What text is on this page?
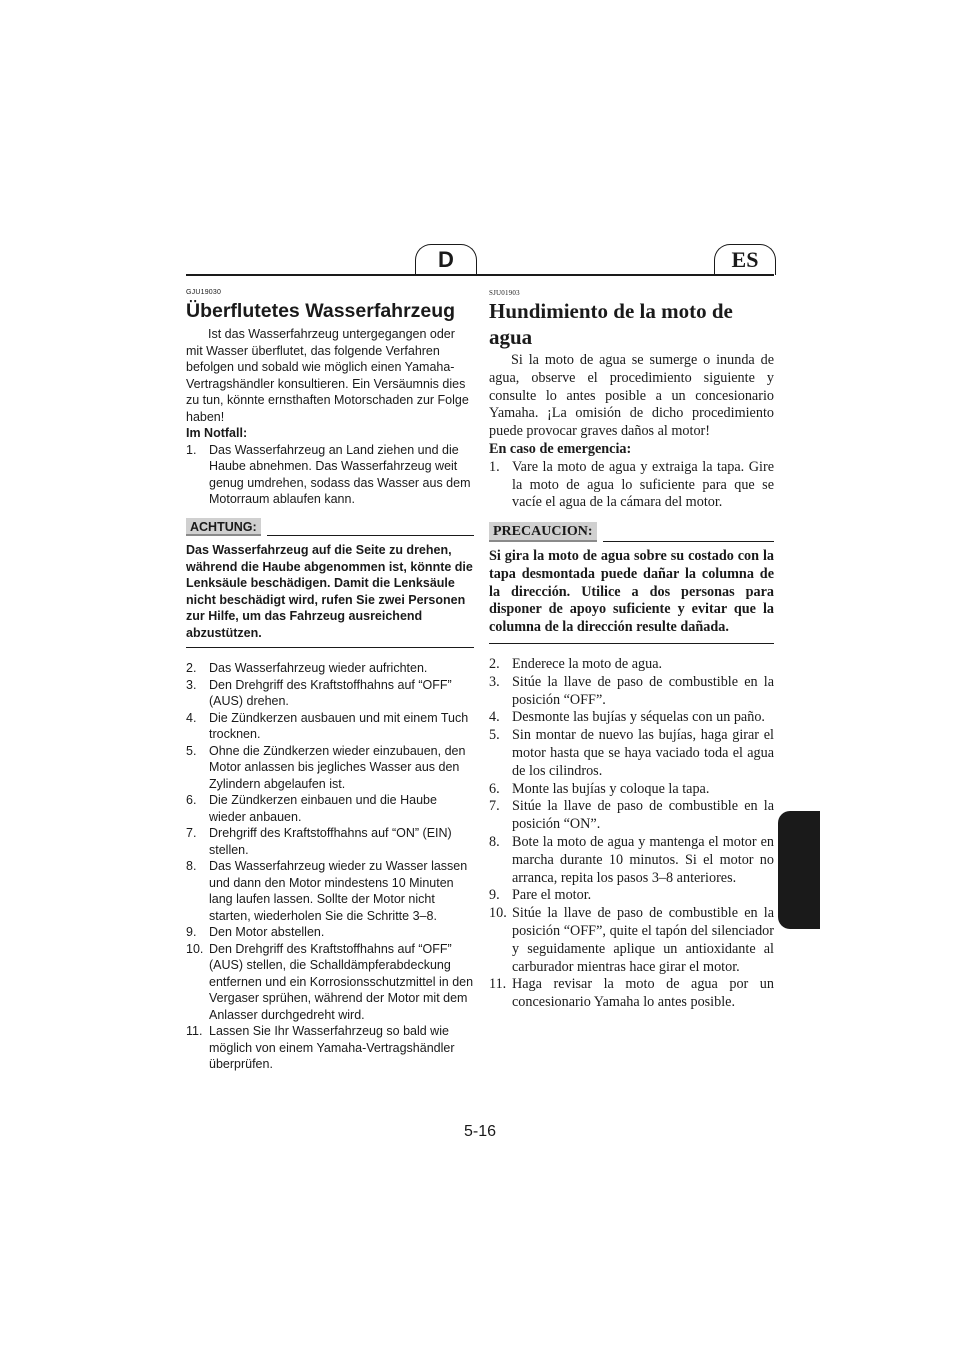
D	ES
GJU19030
Überflutetes Wasserfahrzeug

Ist das Wasserfahrzeug untergegangen oder mit Wasser überflutet, das folgende Verfahren befolgen und sobald wie möglich einen Yamaha-Vertragshändler konsultieren. Ein Versäumnis dies zu tun, könnte ernsthaften Motorschaden zur Folge haben!

Im Notfall:

1.	Das Wasserfahrzeug an Land ziehen und die Haube abnehmen. Das Wasserfahrzeug weit genug umdrehen, sodass das Wasser aus dem Motorraum ablaufen kann.
ACHTUNG:

Das Wasserfahrzeug auf die Seite zu drehen, während die Haube abgenommen ist, könnte die Lenksäule beschädigen. Damit die Lenksäule nicht beschädigt wird, rufen Sie zwei Personen zur Hilfe, um das Fahrzeug ausreichend abzustützen.

2.	Das Wasserfahrzeug wieder aufrichten.
3.	Den Drehgriff des Kraftstoffhahns auf “OFF” (AUS) drehen.
4.	Die Zündkerzen ausbauen und mit einem Tuch trocknen.
5.	Ohne die Zündkerzen wieder einzubauen, den Motor anlassen bis jegliches Wasser aus den Zylindern abgelaufen ist.
6.	Die Zündkerzen einbauen und die Haube wieder anbauen.
7.	Drehgriff des Kraftstoffhahns auf “ON” (EIN) stellen.
8.	Das Wasserfahrzeug wieder zu Wasser lassen und dann den Motor mindestens 10 Minuten lang laufen lassen. Sollte der Motor nicht starten, wiederholen Sie die Schritte 3–8.
9.	Den Motor abstellen.
10. Den Drehgriff des Kraftstoffhahns auf “OFF” (AUS) stellen, die Schalldämpferabdeckung entfernen und ein Korrosionsschutzmittel in den Vergaser sprühen, während der Motor mit dem Anlasser durchgedreht wird.
11. Lassen Sie Ihr Wasserfahrzeug so bald wie möglich von einem Yamaha-Vertragshändler überprüfen.
SJU01903
Hundimiento de la moto de agua

Si la moto de agua se sumerge o inunda de agua, observe el procedimiento siguiente y consulte lo antes posible a un concesionario Yamaha. ¡La omisión de dicho procedimiento puede provocar graves daños al motor!

En caso de emergencia:

1. Vare la moto de agua y extraiga la tapa. Gire la moto de agua lo suficiente para que se vacíe el agua de la cámara del motor.
PRECAUCION:

Si gira la moto de agua sobre su costado con la tapa desmontada puede dañar la columna de la dirección. Utilice a dos personas para disponer de apoyo suficiente y evitar que la columna de la dirección resulte dañada.

2. Enderece la moto de agua.
3. Sitúe la llave de paso de combustible en la posición “OFF”.
4. Desmonte las bujías y séquelas con un paño.
5. Sin montar de nuevo las bujías, haga girar el motor hasta que se haya vaciado toda el agua de los cilindros.
6. Monte las bujías y coloque la tapa.
7. Sitúe la llave de paso de combustible en la posición “ON”.
8. Bote la moto de agua y mantenga el motor en marcha durante 10 minutos. Si el motor no arranca, repita los pasos 3–8 anteriores.
9. Pare el motor.
10. Sitúe la llave de paso de combustible en la posición “OFF”, quite el tapón del silenciador y seguidamente aplique un antioxidante al carburador mientras hace girar el motor.
11. Haga revisar la moto de agua por un concesionario Yamaha lo antes posible.
5-16
